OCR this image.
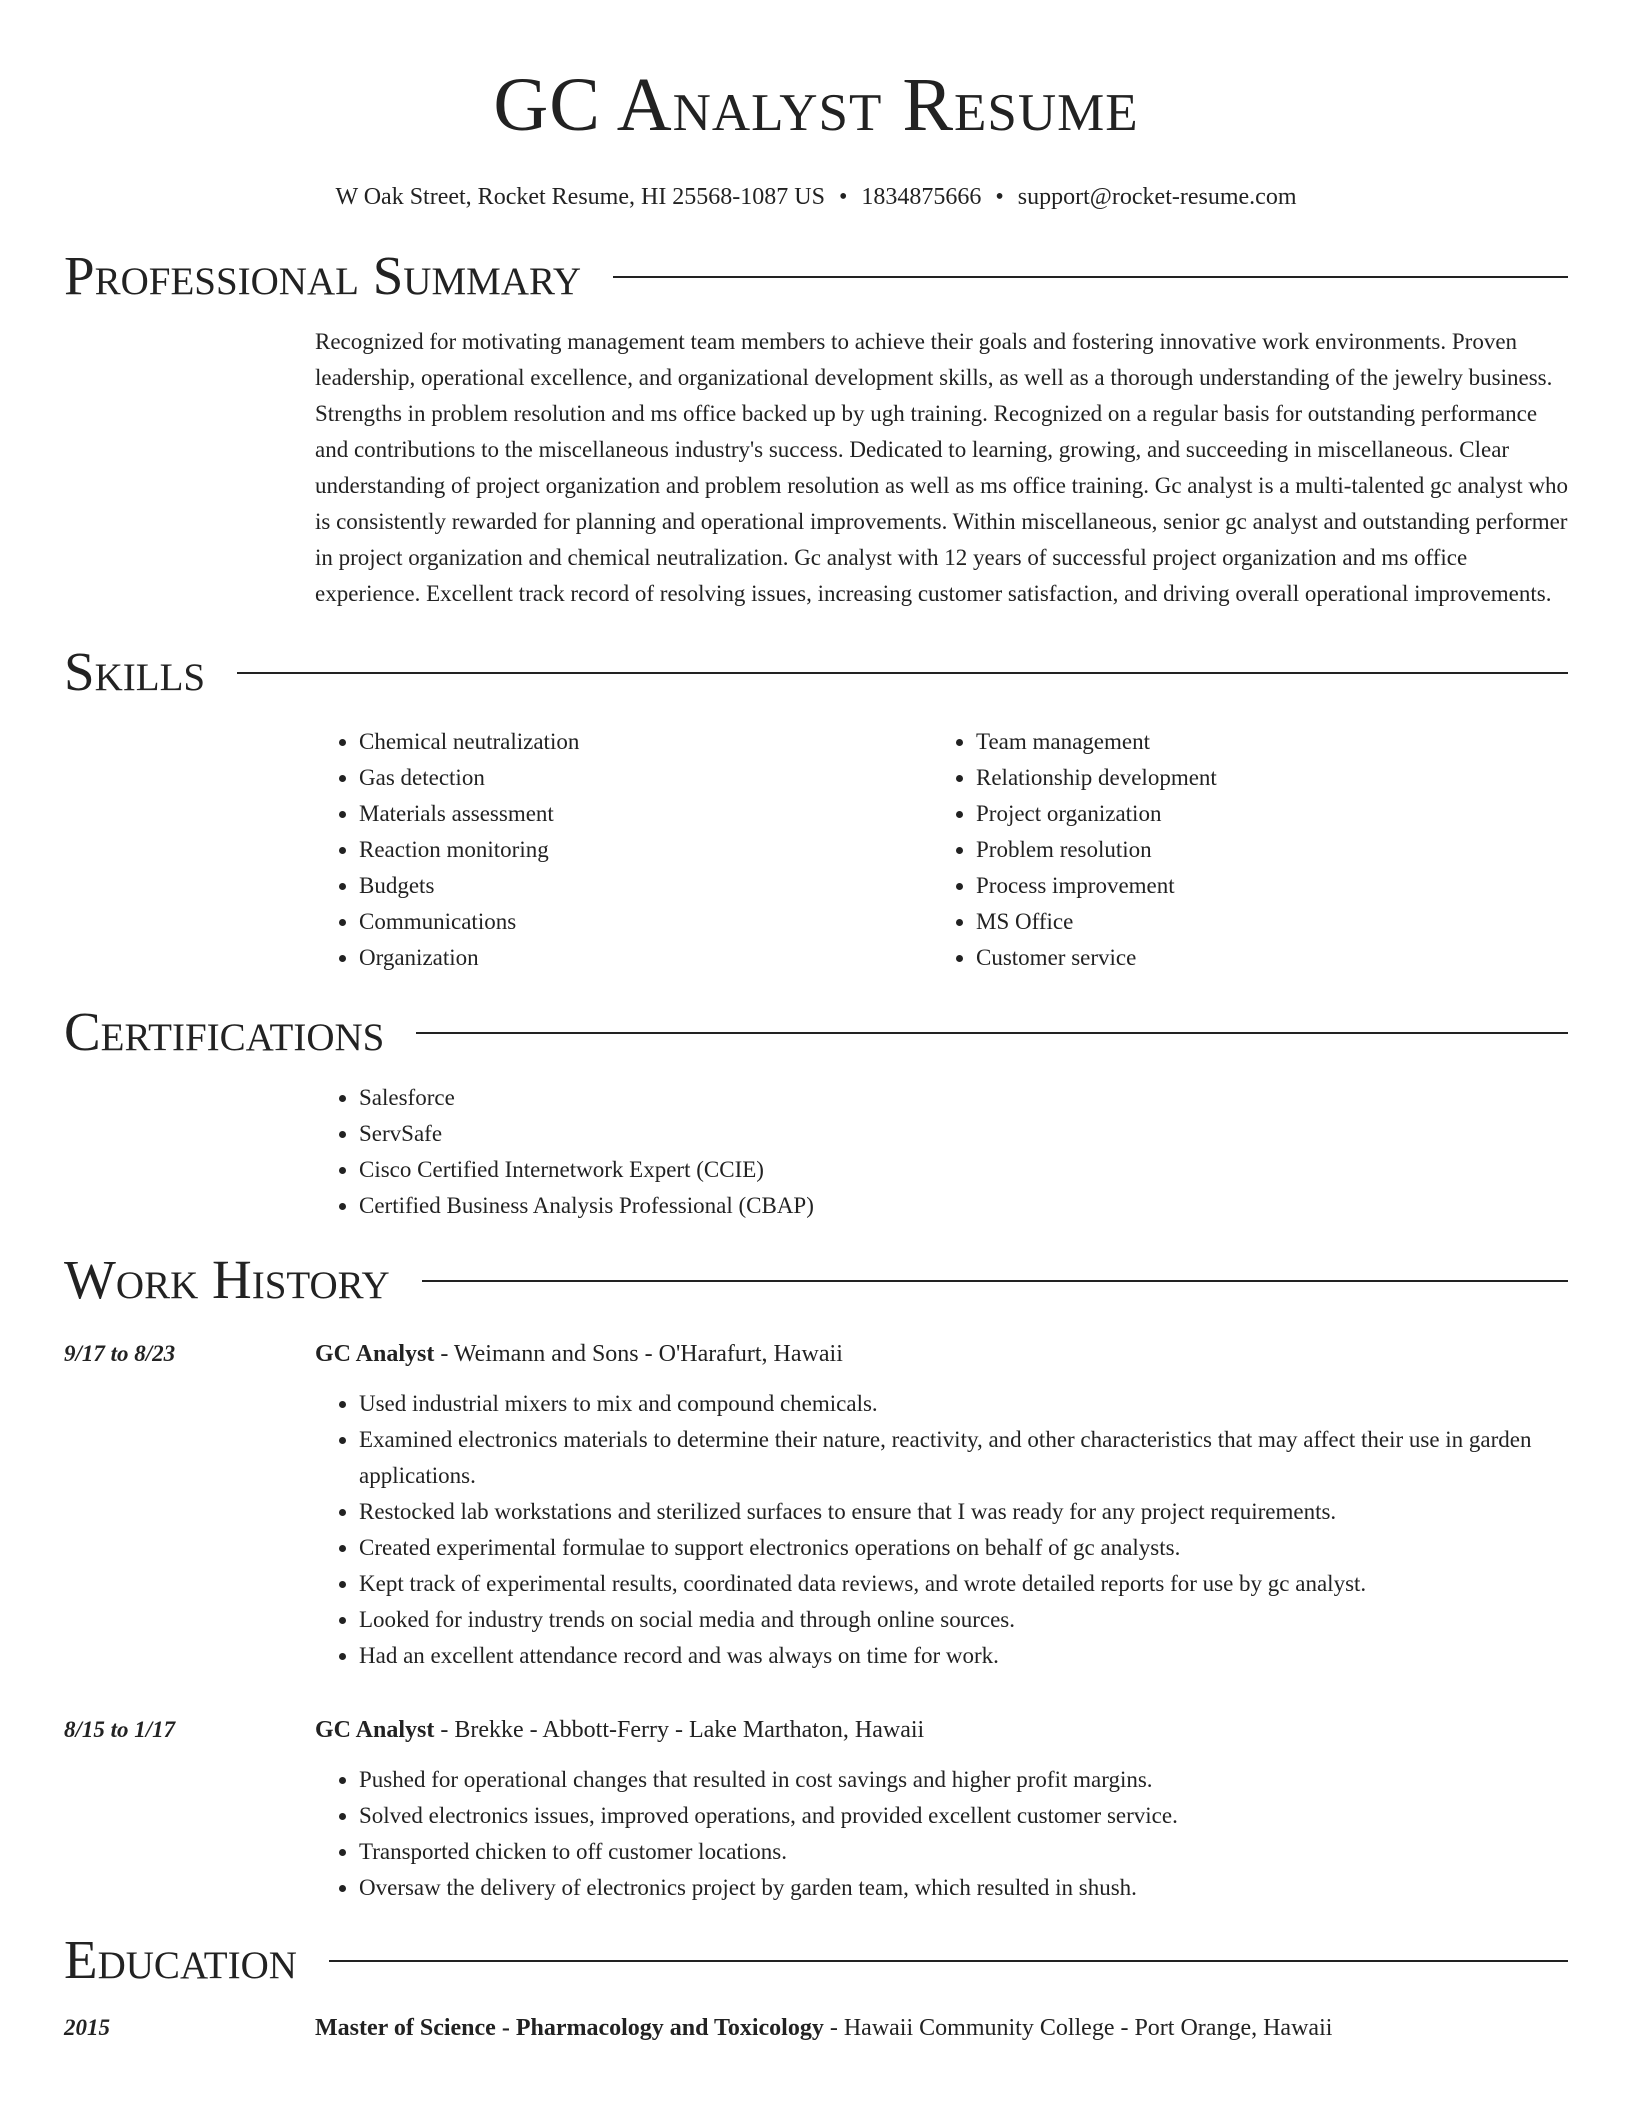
GC Analyst Resume
W Oak Street, Rocket Resume, HI 25568-1087 US • 1834875666 • support@rocket-resume.com
Professional Summary
Recognized for motivating management team members to achieve their goals and fostering innovative work environments. Proven leadership, operational excellence, and organizational development skills, as well as a thorough understanding of the jewelry business. Strengths in problem resolution and ms office backed up by ugh training. Recognized on a regular basis for outstanding performance and contributions to the miscellaneous industry's success. Dedicated to learning, growing, and succeeding in miscellaneous. Clear understanding of project organization and problem resolution as well as ms office training. Gc analyst is a multi-talented gc analyst who is consistently rewarded for planning and operational improvements. Within miscellaneous, senior gc analyst and outstanding performer in project organization and chemical neutralization. Gc analyst with 12 years of successful project organization and ms office experience. Excellent track record of resolving issues, increasing customer satisfaction, and driving overall operational improvements.
Skills
• Chemical neutralization
• Gas detection
• Materials assessment
• Reaction monitoring
• Budgets
• Communications
• Organization
• Team management
• Relationship development
• Project organization
• Problem resolution
• Process improvement
• MS Office
• Customer service
Certifications
• Salesforce
• ServSafe
• Cisco Certified Internetwork Expert (CCIE)
• Certified Business Analysis Professional (CBAP)
Work History
9/17 to 8/23	GC Analyst - Weimann and Sons - O'Harafurt, Hawaii
• Used industrial mixers to mix and compound chemicals.
• Examined electronics materials to determine their nature, reactivity, and other characteristics that may affect their use in garden applications.
• Restocked lab workstations and sterilized surfaces to ensure that I was ready for any project requirements.
• Created experimental formulae to support electronics operations on behalf of gc analysts.
• Kept track of experimental results, coordinated data reviews, and wrote detailed reports for use by gc analyst.
• Looked for industry trends on social media and through online sources.
• Had an excellent attendance record and was always on time for work.
8/15 to 1/17	GC Analyst - Brekke - Abbott-Ferry - Lake Marthaton, Hawaii
• Pushed for operational changes that resulted in cost savings and higher profit margins.
• Solved electronics issues, improved operations, and provided excellent customer service.
• Transported chicken to off customer locations.
• Oversaw the delivery of electronics project by garden team, which resulted in shush.
Education
2015	Master of Science - Pharmacology and Toxicology - Hawaii Community College - Port Orange, Hawaii
